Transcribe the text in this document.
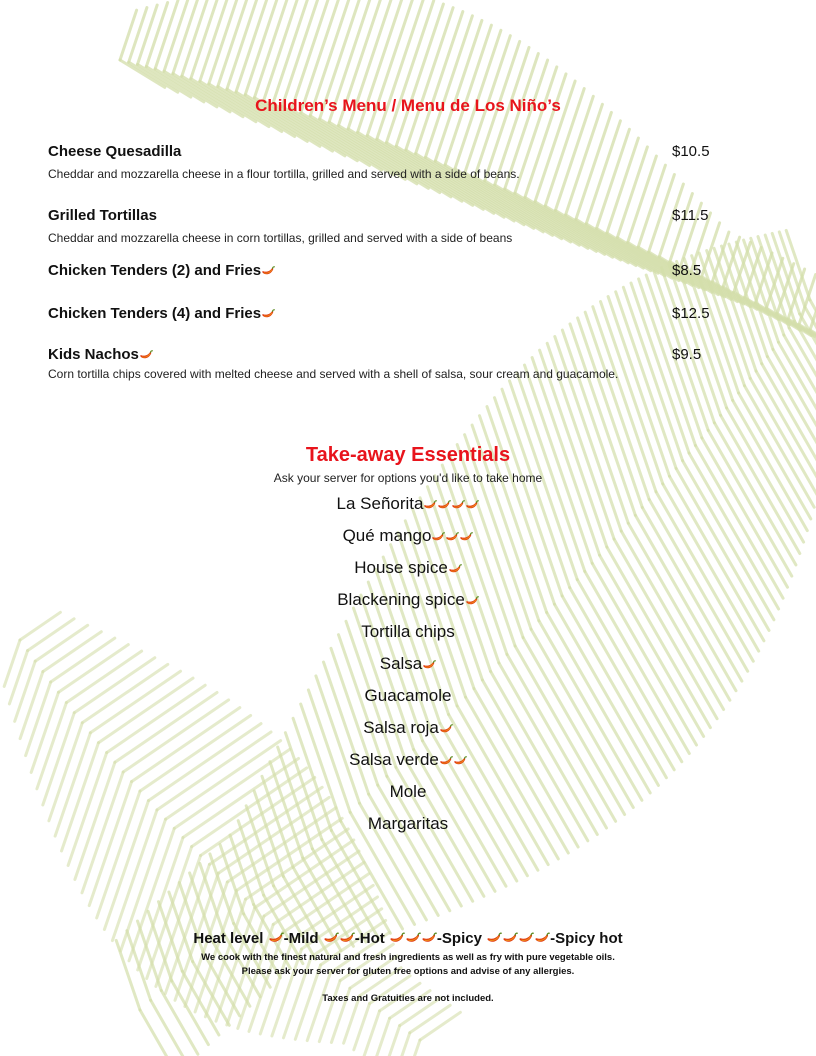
Children’s Menu / Menu de Los Niño’s
Cheese Quesadilla	$10.5
Cheddar and mozzarella cheese in a flour tortilla, grilled and served with a side of beans.
Grilled Tortillas	$11.5
Cheddar and mozzarella cheese in corn tortillas, grilled and served with a side of beans
Chicken Tenders (2) and Fries	$8.5
Chicken Tenders (4) and Fries	$12.5
Kids Nachos	$9.5
Corn tortilla chips covered with melted cheese and served with a shell of salsa, sour cream and guacamole.
Take-away Essentials
Ask your server for options you'd like to take home
La Señorita
Qué mango
House spice
Blackening spice
Tortilla chips
Salsa
Guacamole
Salsa roja
Salsa verde
Mole
Margaritas
Heat level -Mild -Hot	-Spicy	-Spicy hot
We cook with the finest natural and fresh ingredients as well as fry with pure vegetable oils.
Please ask your server for gluten free options and advise of any allergies.
Taxes and Gratuities are not included.
